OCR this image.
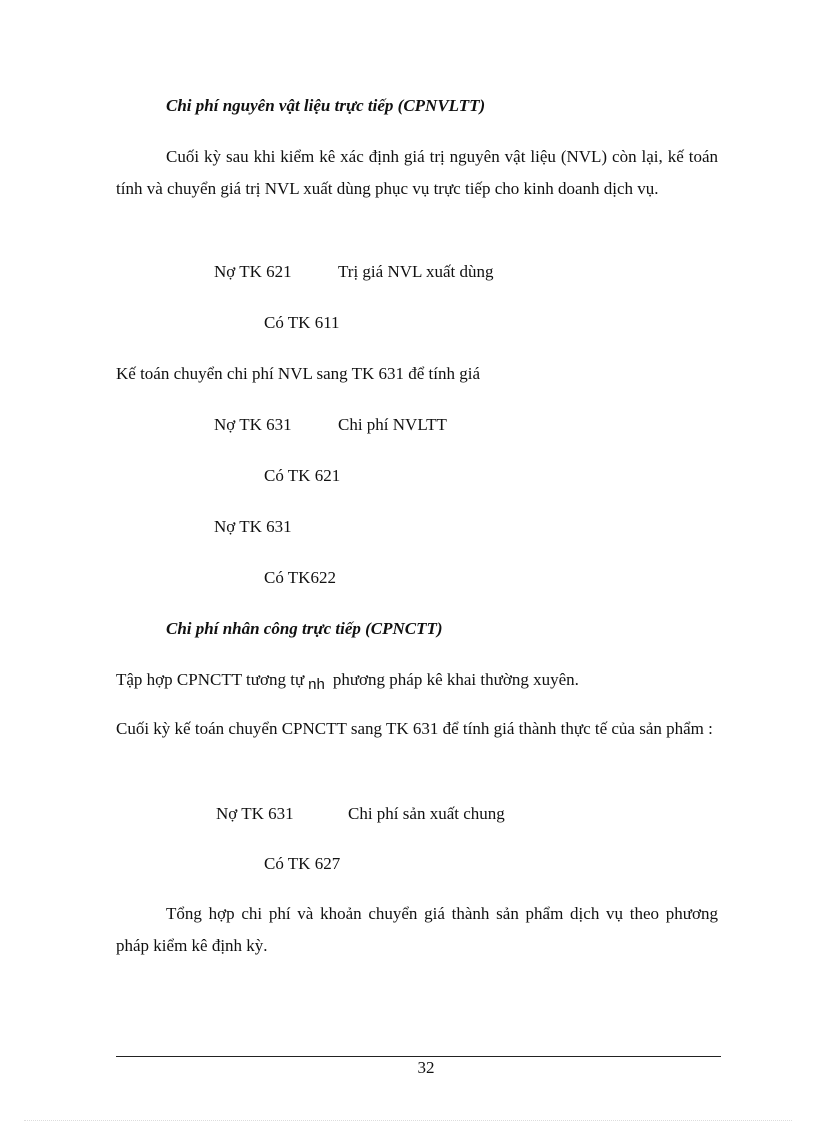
Chi phí nguyên vật liệu trực tiếp (CPNVLTT)
Cuối kỳ sau khi kiểm kê xác định giá trị nguyên vật liệu (NVL) còn lại, kế toán tính và chuyển giá trị NVL xuất dùng phục vụ trực tiếp cho kinh doanh dịch vụ.
Nợ TK 621	Trị giá NVL xuất dùng
Có TK 611
Kế toán chuyển chi phí NVL sang TK 631 để tính giá
Nợ TK 631	Chi phí NVLTT
Có TK 621
Nợ TK 631
Có TK622
Chi phí nhân công trực tiếp (CPNCTT)
Tập hợp CPNCTT tương tự nh phương pháp kê khai thường xuyên.
Cuối kỳ kế toán chuyển CPNCTT sang TK 631 để tính giá thành thực tế của sản phẩm :
Nợ TK 631	Chi phí sản xuất chung
Có TK 627
Tổng hợp chi phí và khoản chuyển giá thành sản phẩm dịch vụ theo phương pháp kiểm kê định kỳ.
32
